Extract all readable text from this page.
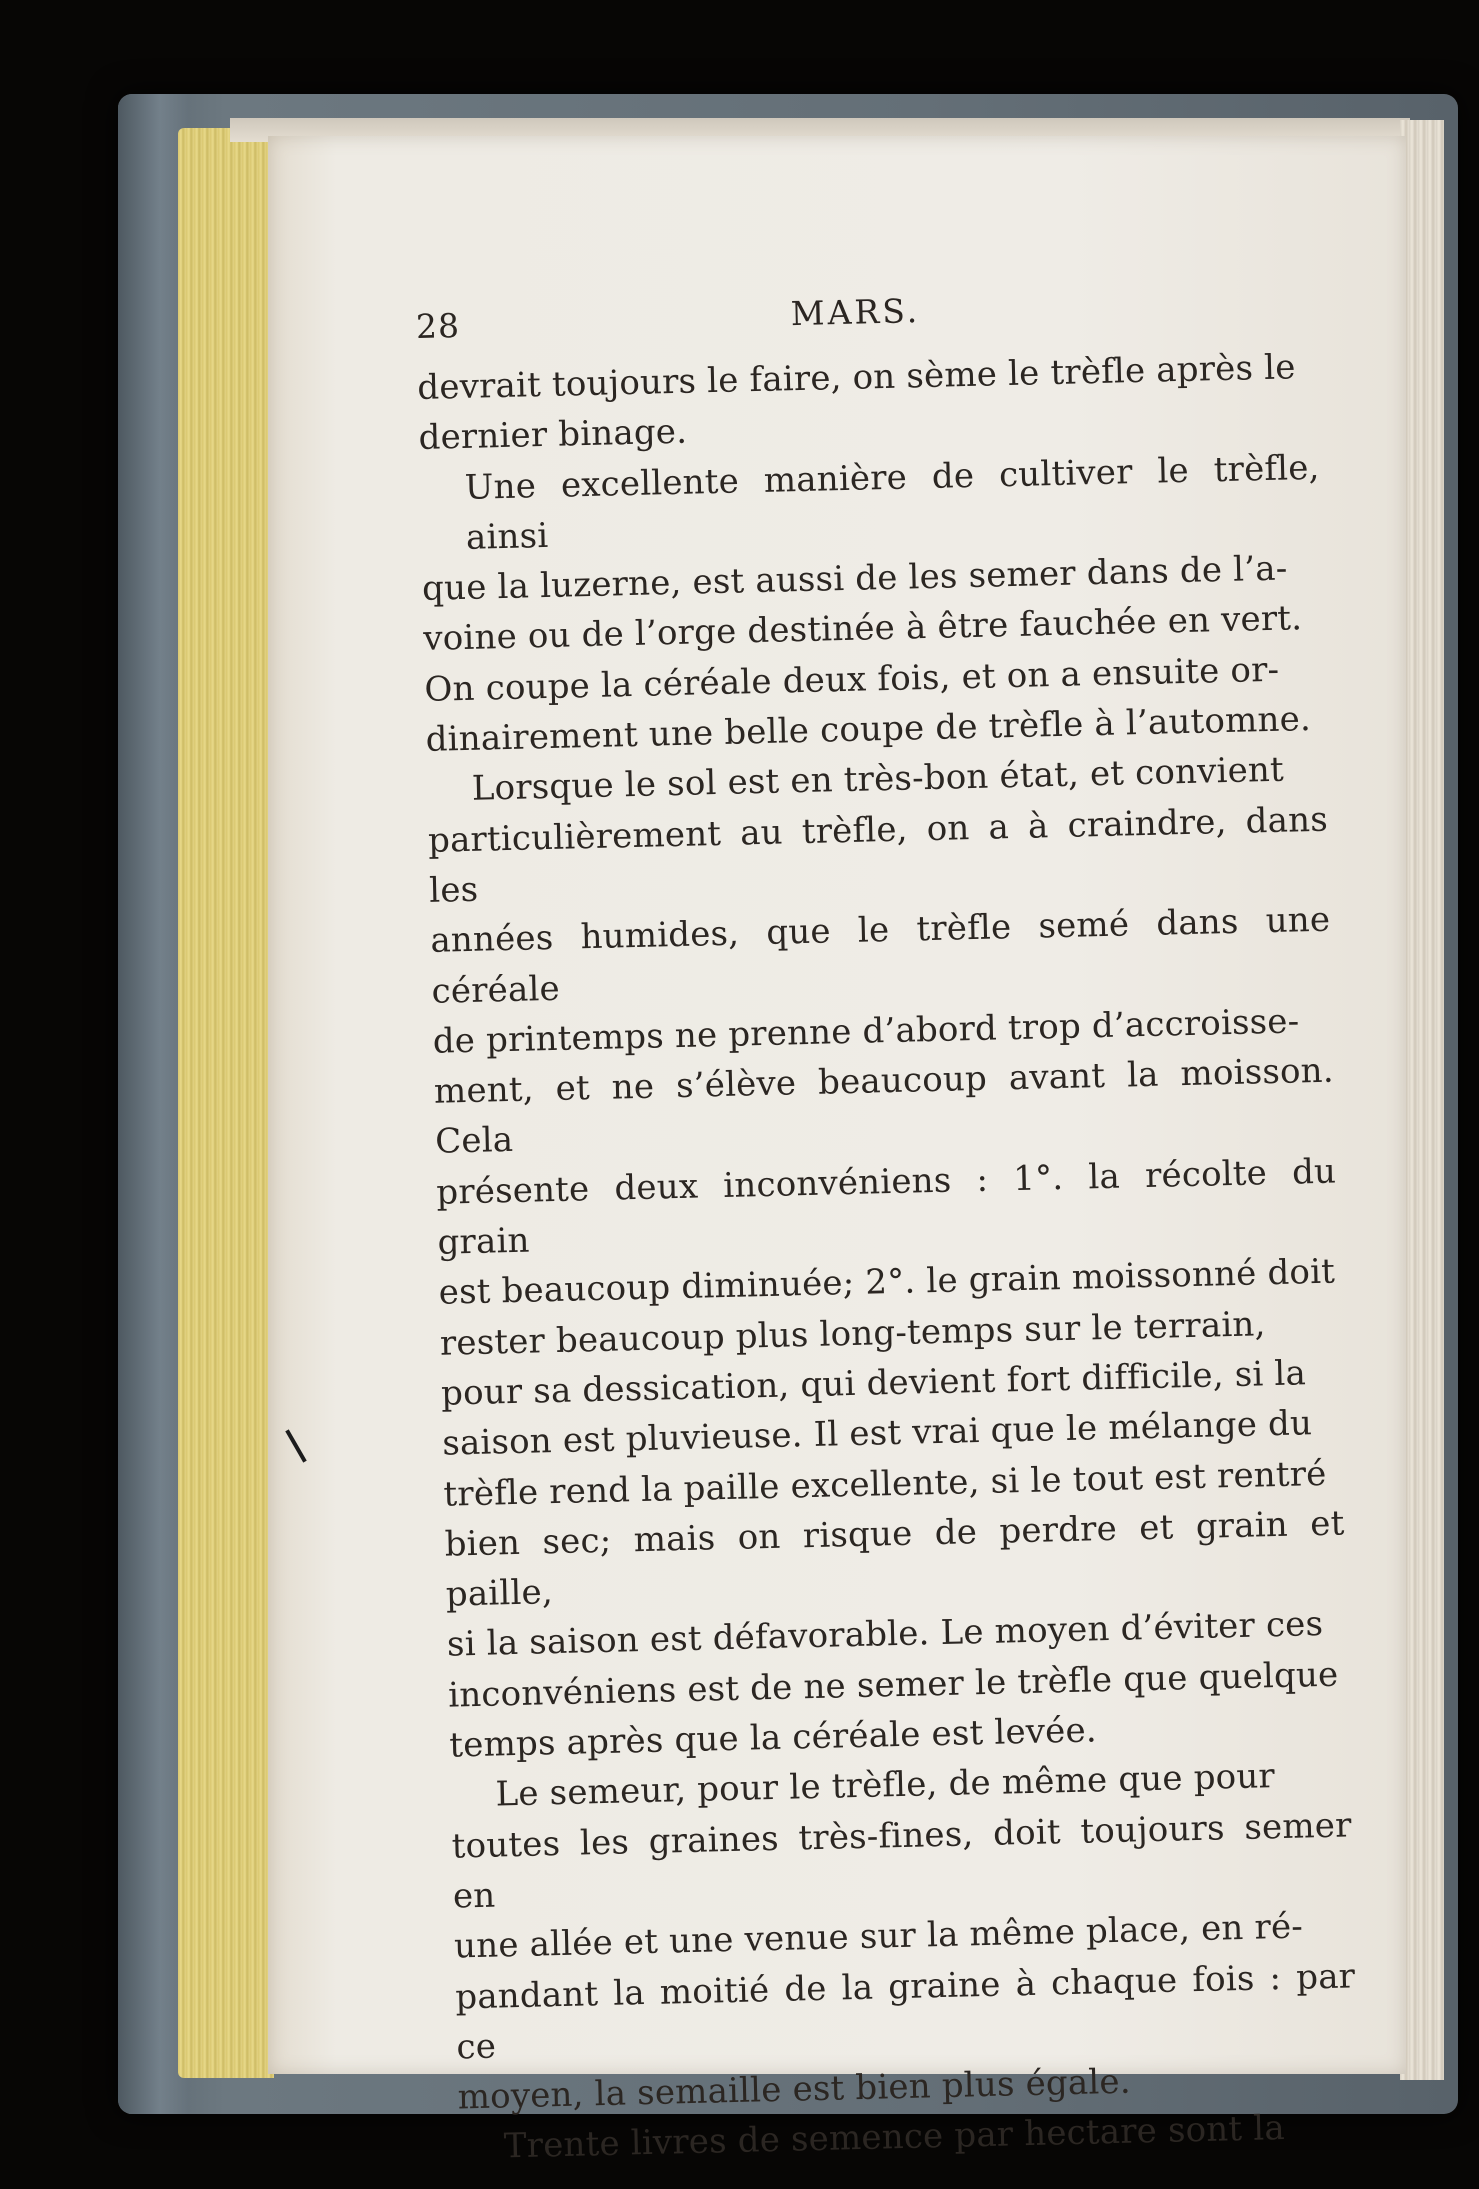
28	MARS.
devrait toujours le faire, on sème le trèfle après le
dernier binage.
Une excellente manière de cultiver le trèfle, ainsi
que la luzerne, est aussi de les semer dans de l’a-
voine ou de l’orge destinée à être fauchée en vert.
On coupe la céréale deux fois, et on a ensuite or-
dinairement une belle coupe de trèfle à l’automne.
Lorsque le sol est en très-bon état, et convient
particulièrement au trèfle, on a à craindre, dans les
années humides, que le trèfle semé dans une céréale
de printemps ne prenne d’abord trop d’accroisse-
ment, et ne s’élève beaucoup avant la moisson. Cela
présente deux inconvéniens : 1°. la récolte du grain
est beaucoup diminuée; 2°. le grain moissonné doit
rester beaucoup plus long-temps sur le terrain,
pour sa dessication, qui devient fort difficile, si la
saison est pluvieuse. Il est vrai que le mélange du
trèfle rend la paille excellente, si le tout est rentré
bien sec; mais on risque de perdre et grain et paille,
si la saison est défavorable. Le moyen d’éviter ces
inconvéniens est de ne semer le trèfle que quelque
temps après que la céréale est levée.
Le semeur, pour le trèfle, de même que pour
toutes les graines très-fines, doit toujours semer en
une allée et une venue sur la même place, en ré-
pandant la moitié de la graine à chaque fois : par ce
moyen, la semaille est bien plus égale.
Trente livres de semence par hectare sont la
